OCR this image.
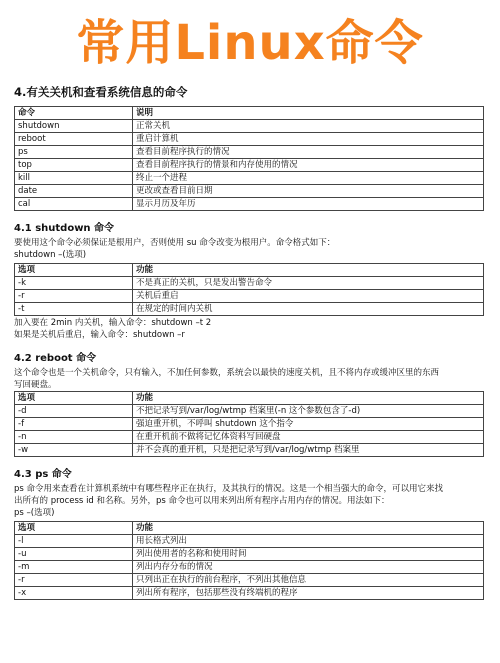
常用Linux命令
4.有关关机和查看系统信息的命令
命令	说明
shutdown	正常关机
reboot	重启计算机
ps	查看目前程序执行的情况
top	查看目前程序执行的情景和内存使用的情况
kill	终止一个进程
date	更改或查看目前日期
cal	显示月历及年历
4.1 shutdown 命令

要使用这个命令必须保证是根用户，否则使用 su 命令改变为根用户。命令格式如下：

shutdown –(选项)

选项	功能
-k	不是真正的关机，只是发出警告命令
-r	关机后重启
-t	在规定的时间内关机

加入要在 2min 内关机，输入命令：shutdown –t 2

如果是关机后重启，输入命令：shutdown –r

4.2 reboot 命令

这个命令也是一个关机命令，只有输入，不加任何参数，系统会以最快的速度关机，且不将内存或缓冲区里的东西

写回硬盘。

选项	功能
-d	不把记录写到/var/log/wtmp 档案里(-n 这个参数包含了-d)
-f	强迫重开机，不呼叫 shutdown 这个指令
-n	在重开机前不做将记忆体资料写回硬盘
-w	并不会真的重开机，只是把记录写到/var/log/wtmp 档案里
4.3 ps 命令

ps 命令用来查看在计算机系统中有哪些程序正在执行，及其执行的情况。这是一个相当强大的命令，可以用它来找

出所有的 process id 和名称。另外，ps 命令也可以用来列出所有程序占用内存的情况。用法如下：

ps –(选项)

选项	功能
-l	用长格式列出
-u	列出使用者的名称和使用时间
-m	列出内存分布的情况
-r	只列出正在执行的前台程序，不列出其他信息
-x	列出所有程序，包括那些没有终端机的程序
